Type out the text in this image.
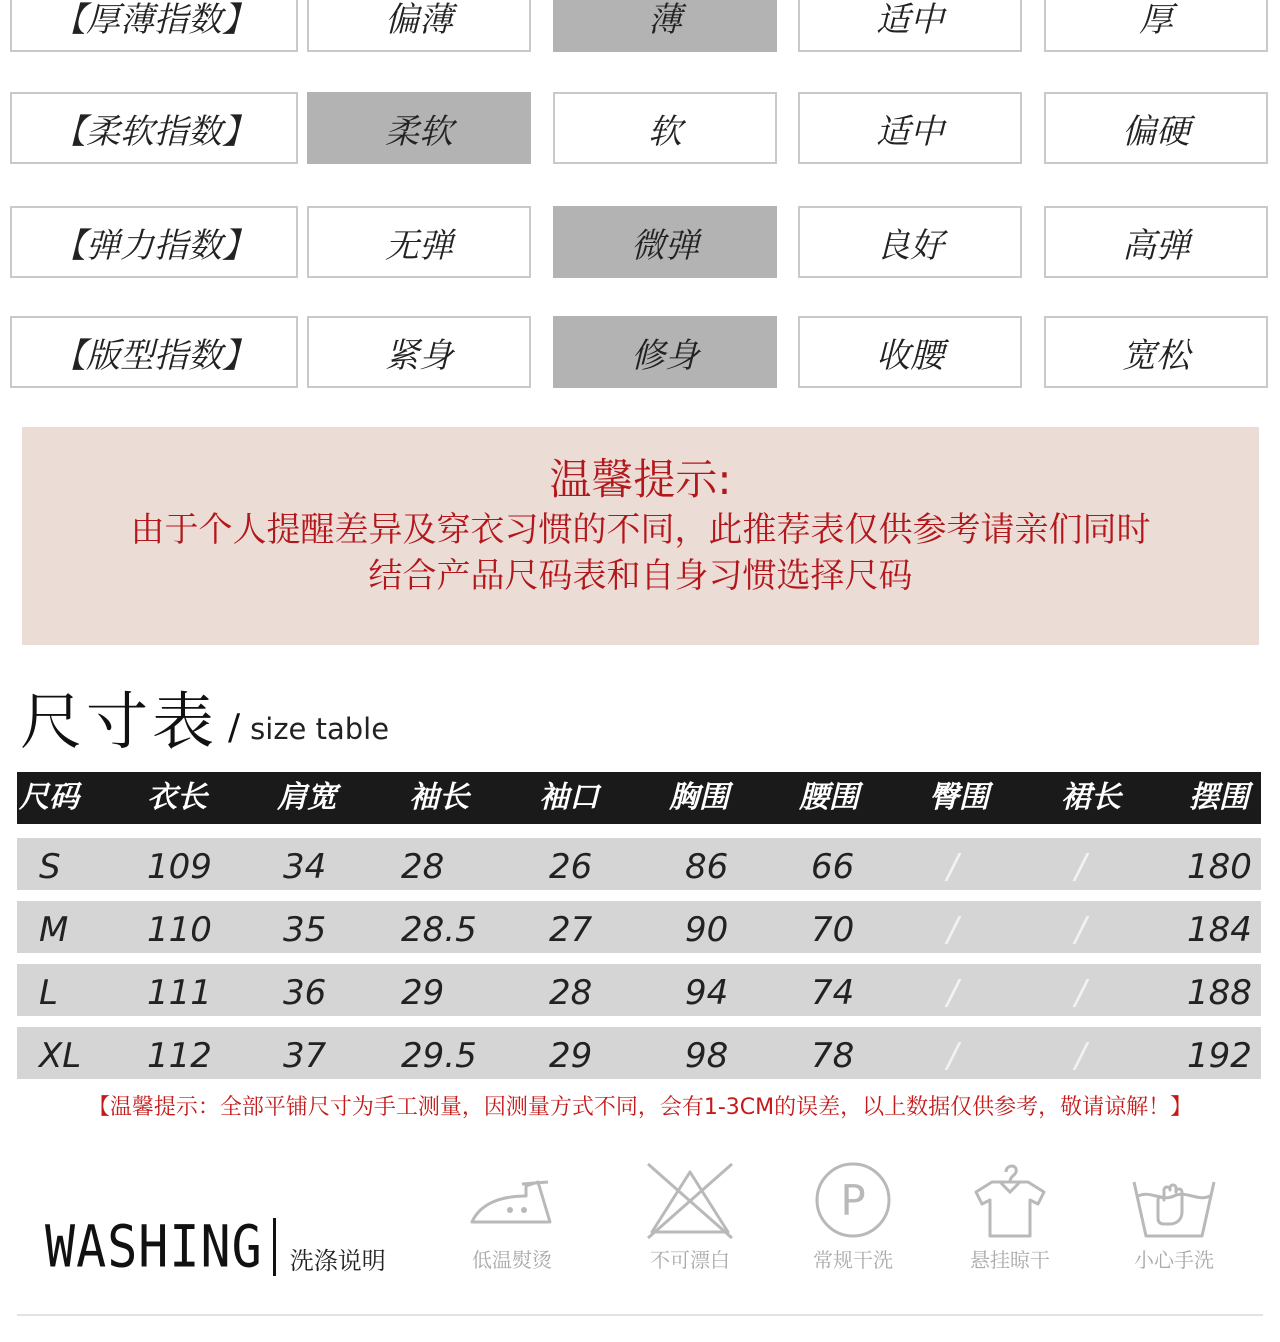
【厚薄指数】	偏薄	薄	适中	厚
【柔软指数】	柔软	软	适中	偏硬
【弹力指数】	无弹	微弹	良好	高弹
【版型指数】	紧身	修身	收腰	宽松
温馨提示:
由于个人提醒差异及穿衣习惯的不同，此推荐表仅供参考请亲们同时
结合产品尺码表和自身习惯选择尺码
尺寸表 / size table
尺码 衣长 肩宽 袖长 袖口 胸围 腰围 臀围 裙长 摆围
S	109 34 28	26	86 66	/	/	180
M 110 35 28.5 27	90 70	/	/	184
L	111 36 29	28	94 74	/	/	188
XL 112 37 29.5 29	98 78	/	/	192
【温馨提示：全部平铺尺寸为手工测量，因测量方式不同，会有1-3CM的误差，以上数据仅供参考，敬请谅解！】
WASHING 洗涤说明	低温熨烫	不可漂白
P
常规干洗	悬挂晾干	小心手洗
